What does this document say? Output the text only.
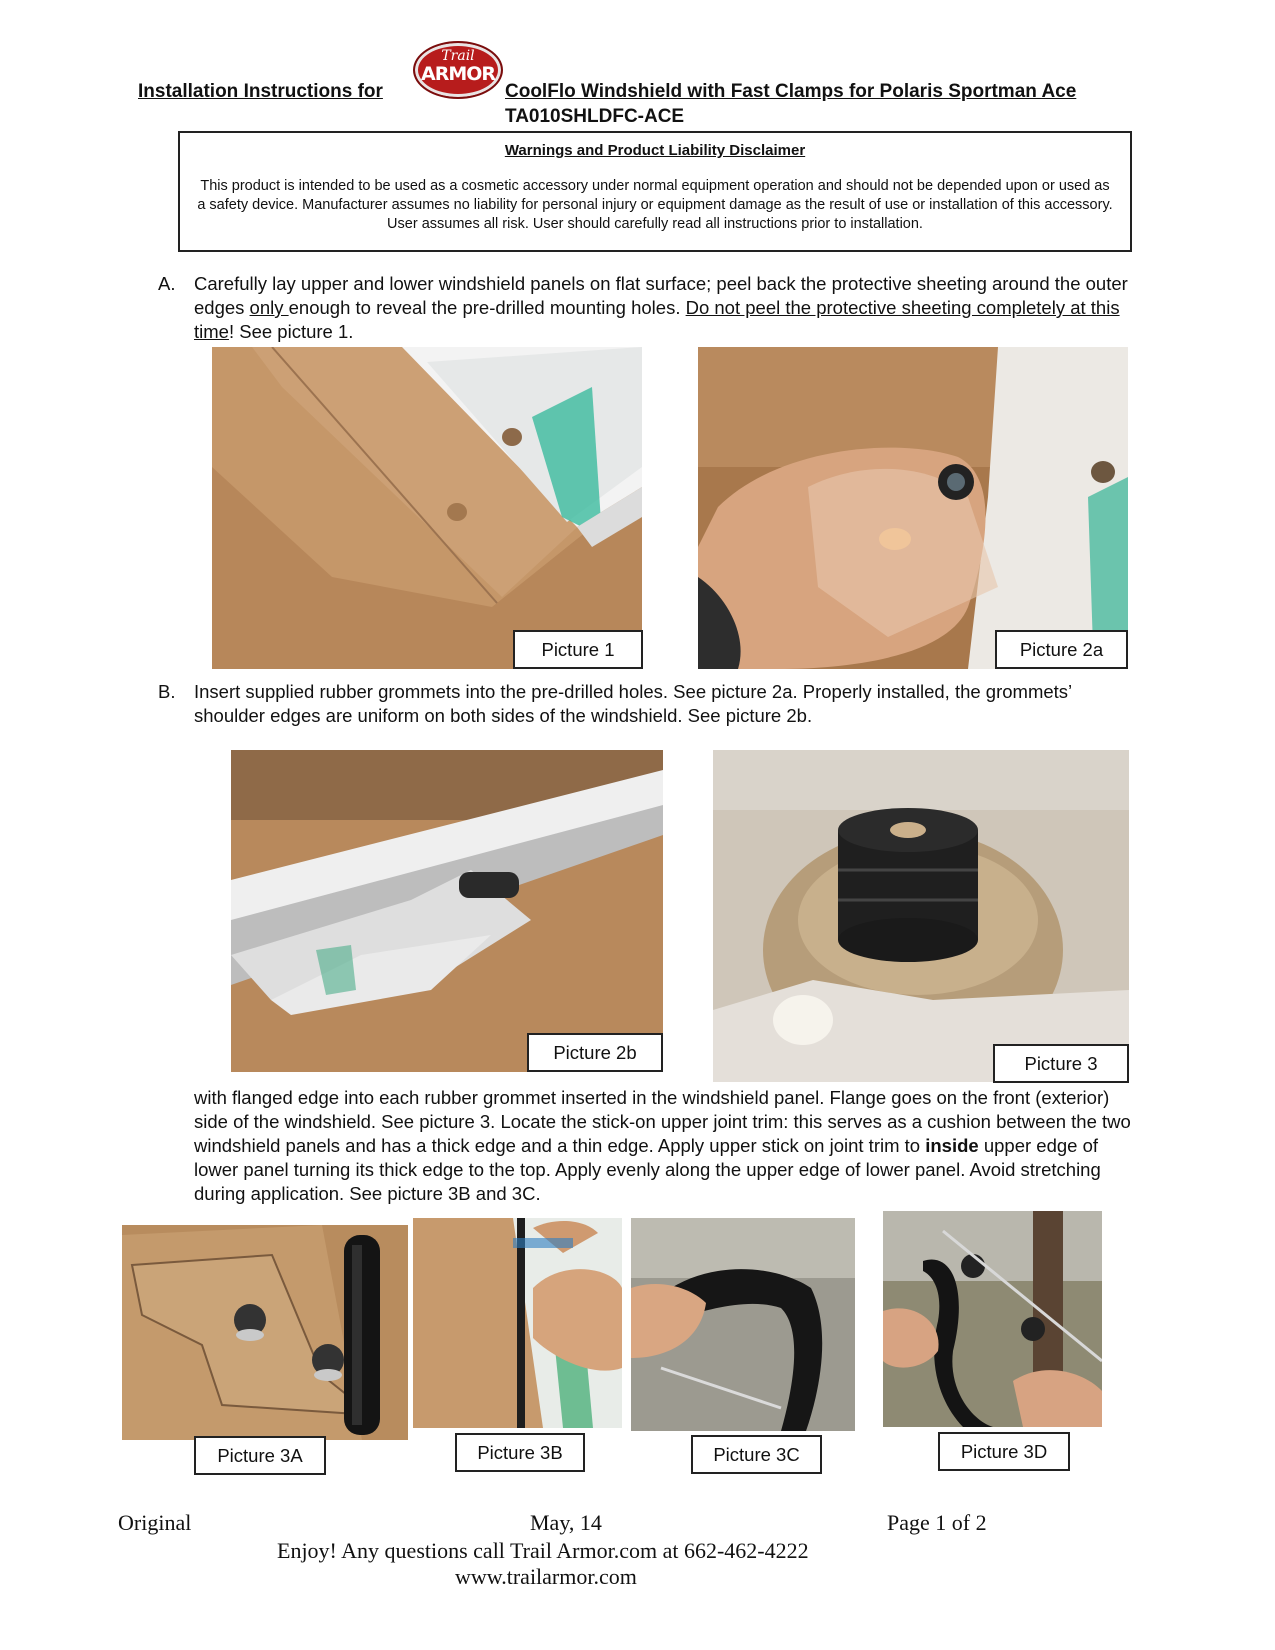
Installation Instructions for
Trail
ARMOR
CoolFlo Windshield with Fast Clamps for Polaris Sportman Ace
TA010SHLDFC-ACE
Warnings and Product Liability Disclaimer
This product is intended to be used as a cosmetic accessory under normal equipment operation and should not be depended upon or used as a safety device. Manufacturer assumes no liability for personal injury or equipment damage as the result of use or installation of this accessory. User assumes all risk. User should carefully read all instructions prior to installation.
A. Carefully lay upper and lower windshield panels on flat surface; peel back the protective sheeting around the outer edges only enough to reveal the pre-drilled mounting holes. Do not peel the protective sheeting completely at this time! See picture 1.
Picture 1	Picture 2a
B. Insert supplied rubber grommets into the pre-drilled holes. See picture 2a. Properly installed, the grommets’ shoulder edges are uniform on both sides of the windshield. See picture 2b.
Picture 2b
Picture 3
with flanged edge into each rubber grommet inserted in the windshield panel. Flange goes on the front (exterior) side of the windshield. See picture 3. Locate the stick-on upper joint trim: this serves as a cushion between the two windshield panels and has a thick edge and a thin edge. Apply upper stick on joint trim to inside upper edge of lower panel turning its thick edge to the top. Apply evenly along the upper edge of lower panel. Avoid stretching during application. See picture 3B and 3C.
Picture 3A	Picture 3B	Picture 3C	Picture 3D
Original	May, 14	Page 1 of 2
Enjoy! Any questions call Trail Armor.com at 662-462-4222
www.trailarmor.com
